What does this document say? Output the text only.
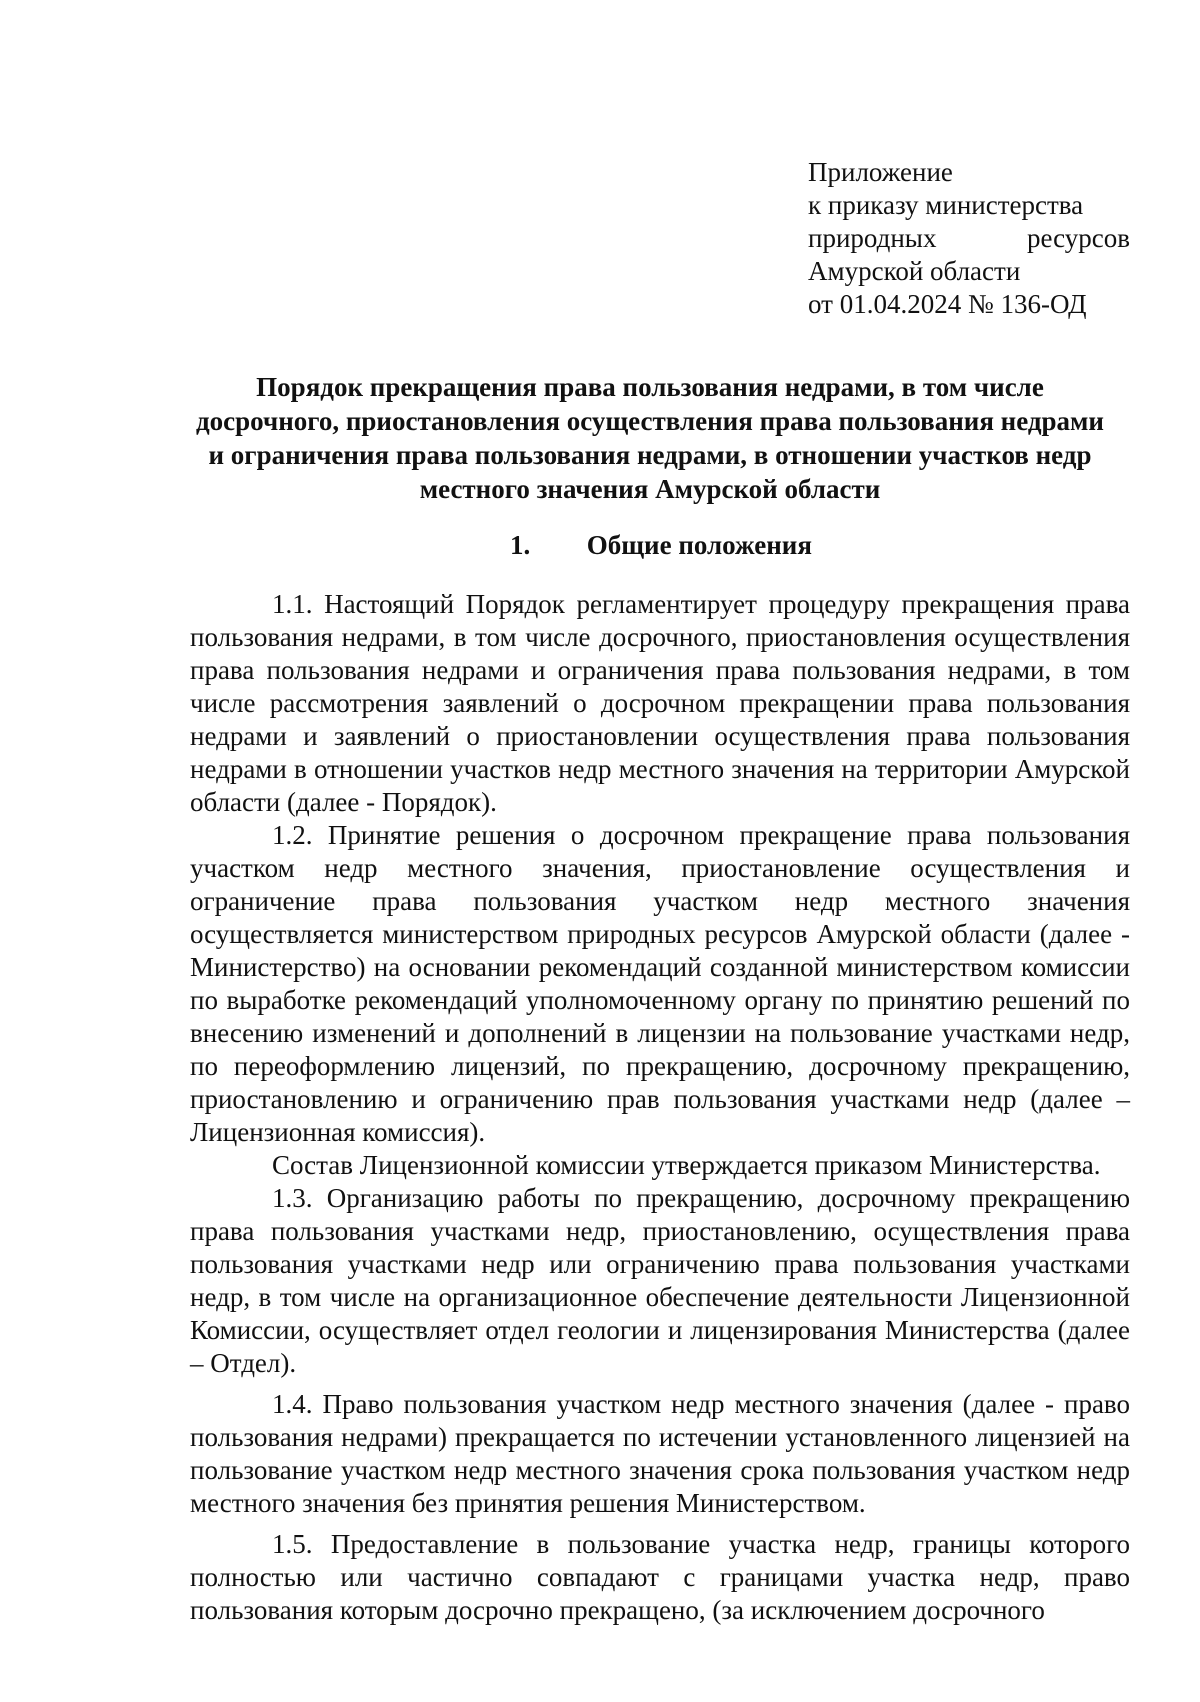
Приложение
к приказу министерства
природных	ресурсов
Амурской области
от 01.04.2024 № 136-ОД
Порядок прекращения права пользования недрами, в том числе
досрочного, приостановления осуществления права пользования недрами
и ограничения права пользования недрами, в отношении участков недр
местного значения Амурской области
1. Общие положения

1.1. Настоящий Порядок регламентирует процедуру прекращения права пользования недрами, в том числе досрочного, приостановления осуществления права пользования недрами и ограничения права пользования недрами, в том числе рассмотрения заявлений о досрочном прекращении права пользования недрами и заявлений о приостановлении осуществления права пользования недрами в отношении участков недр местного значения на территории Амурской области (далее - Порядок).

1.2. Принятие решения о досрочном прекращение права пользования участком недр местного значения, приостановление осуществления и ограничение права пользования участком недр местного значения осуществляется министерством природных ресурсов Амурской области (далее - Министерство) на основании рекомендаций созданной министерством комиссии по выработке рекомендаций уполномоченному органу по принятию решений по внесению изменений и дополнений в лицензии на пользование участками недр, по переоформлению лицензий, по прекращению, досрочному прекращению, приостановлению и ограничению прав пользования участками недр (далее – Лицензионная комиссия).

Состав Лицензионной комиссии утверждается приказом Министерства.

1.3. Организацию работы по прекращению, досрочному прекращению права пользования участками недр, приостановлению, осуществления права пользования участками недр или ограничению права пользования участками недр, в том числе на организационное обеспечение деятельности Лицензионной Комиссии, осуществляет отдел геологии и лицензирования Министерства (далее – Отдел).

1.4. Право пользования участком недр местного значения (далее - право пользования недрами) прекращается по истечении установленного лицензией на пользование участком недр местного значения срока пользования участком недр местного значения без принятия решения Министерством.

1.5. Предоставление в пользование участка недр, границы которого полностью или частично совпадают с границами участка недр, право пользования которым досрочно прекращено, (за исключением досрочного
